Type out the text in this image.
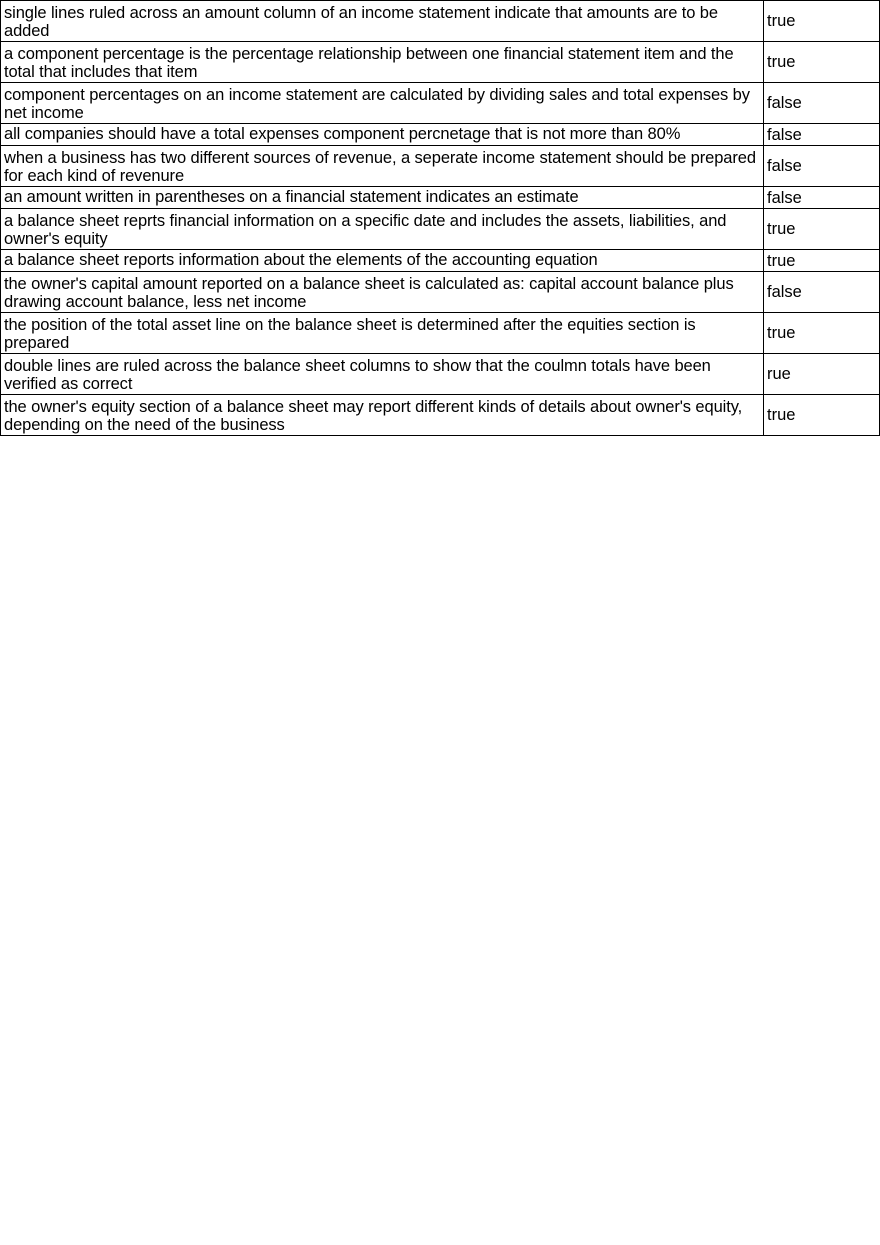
single lines ruled across an amount column of an income statement indicate that amounts are to be added	true
a component percentage is the percentage relationship between one financial statement item and the total that includes that item	true
component percentages on an income statement are calculated by dividing sales and total expenses by net income	false
all companies should have a total expenses component percnetage that is not more than 80%	false
when a business has two different sources of revenue, a seperate income statement should be prepared for each kind of revenure	false
an amount written in parentheses on a financial statement indicates an estimate	false
a balance sheet reprts financial information on a specific date and includes the assets, liabilities, and owner's equity	true
a balance sheet reports information about the elements of the accounting equation	true
the owner's capital amount reported on a balance sheet is calculated as: capital account balance plus drawing account balance, less net income	false
the position of the total asset line on the balance sheet is determined after the equities section is prepared	true
double lines are ruled across the balance sheet columns to show that the coulmn totals have been verified as correct	rue
the owner's equity section of a balance sheet may report different kinds of details about owner's equity, depending on the need of the business	true
